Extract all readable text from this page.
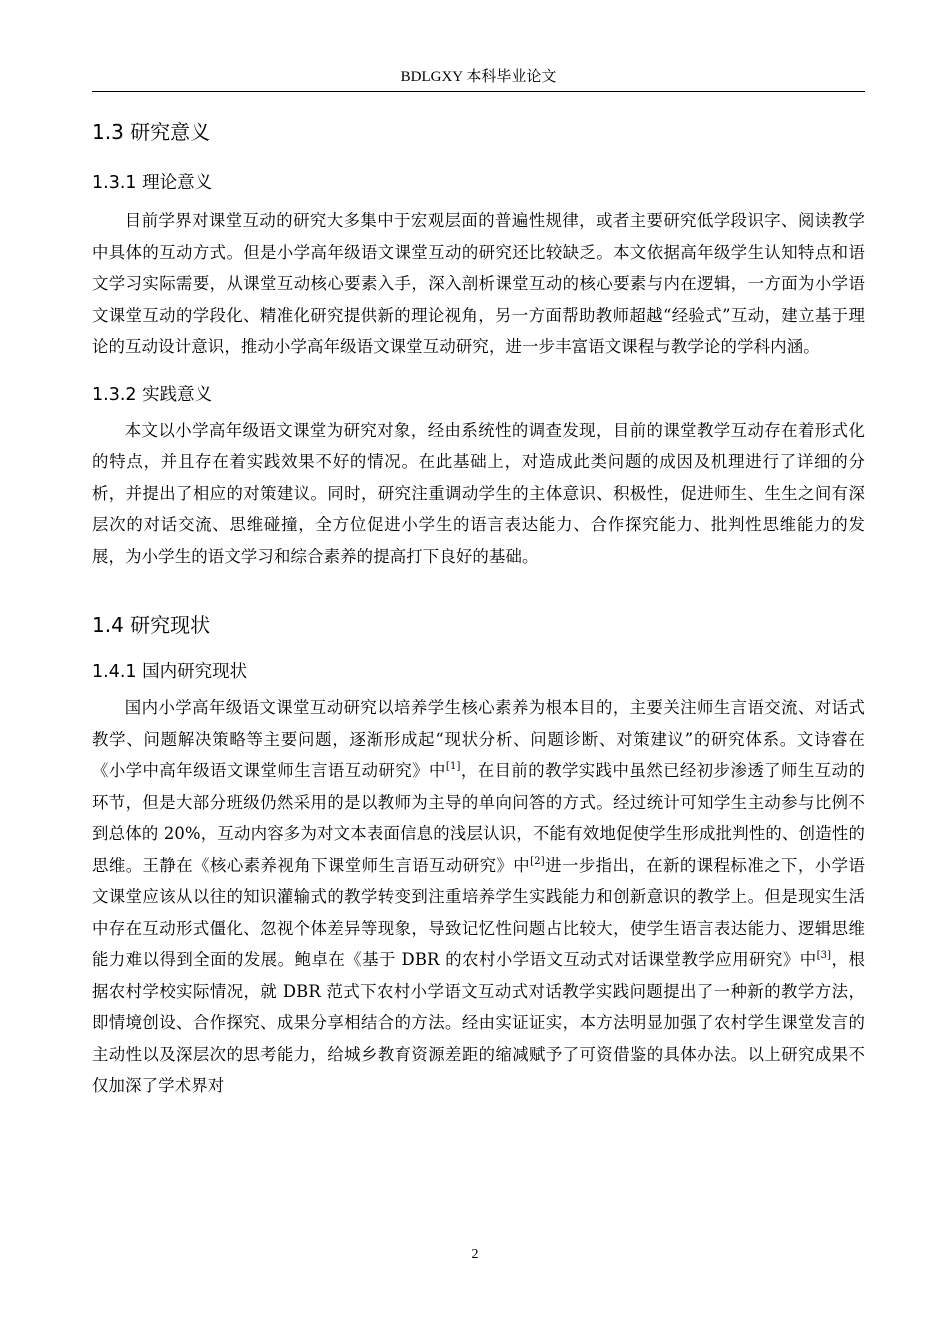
BDLGXY 本科毕业论文

1.3 研究意义

1.3.1 理论意义

目前学界对课堂互动的研究大多集中于宏观层面的普遍性规律，或者主要研究低学段识字、阅读教学中具体的互动方式。但是小学高年级语文课堂互动的研究还比较缺乏。本文依据高年级学生认知特点和语文学习实际需要，从课堂互动核心要素入手，深入剖析课堂互动的核心要素与内在逻辑，一方面为小学语文课堂互动的学段化、精准化研究提供新的理论视角，另一方面帮助教师超越“经验式”互动，建立基于理论的互动设计意识，推动小学高年级语文课堂互动研究，进一步丰富语文课程与教学论的学科内涵。

1.3.2 实践意义

本文以小学高年级语文课堂为研究对象，经由系统性的调查发现，目前的课堂教学互动存在着形式化的特点，并且存在着实践效果不好的情况。在此基础上，对造成此类问题的成因及机理进行了详细的分析，并提出了相应的对策建议。同时，研究注重调动学生的主体意识、积极性，促进师生、生生之间有深层次的对话交流、思维碰撞，全方位促进小学生的语言表达能力、合作探究能力、批判性思维能力的发展，为小学生的语文学习和综合素养的提高打下良好的基础。

1.4 研究现状

1.4.1 国内研究现状

国内小学高年级语文课堂互动研究以培养学生核心素养为根本目的，主要关注师生言语交流、对话式教学、问题解决策略等主要问题，逐渐形成起“现状分析、问题诊断、对策建议”的研究体系。文诗睿在《小学中高年级语文课堂师生言语互动研究》中[1]，在目前的教学实践中虽然已经初步渗透了师生互动的环节，但是大部分班级仍然采用的是以教师为主导的单向问答的方式。经过统计可知学生主动参与比例不到总体的 20%，互动内容多为对文本表面信息的浅层认识，不能有效地促使学生形成批判性的、创造性的思维。王静在《核心素养视角下课堂师生言语互动研究》中[2]进一步指出，在新的课程标准之下，小学语文课堂应该从以往的知识灌输式的教学转变到注重培养学生实践能力和创新意识的教学上。但是现实生活中存在互动形式僵化、忽视个体差异等现象，导致记忆性问题占比较大，使学生语言表达能力、逻辑思维能力难以得到全面的发展。鲍卓在《基于 DBR 的农村小学语文互动式对话课堂教学应用研究》中[3]，根据农村学校实际情况，就 DBR 范式下农村小学语文互动式对话教学实践问题提出了一种新的教学方法，即情境创设、合作探究、成果分享相结合的方法。经由实证证实，本方法明显加强了农村学生课堂发言的主动性以及深层次的思考能力，给城乡教育资源差距的缩减赋予了可资借鉴的具体办法。以上研究成果不仅加深了学术界对

2
